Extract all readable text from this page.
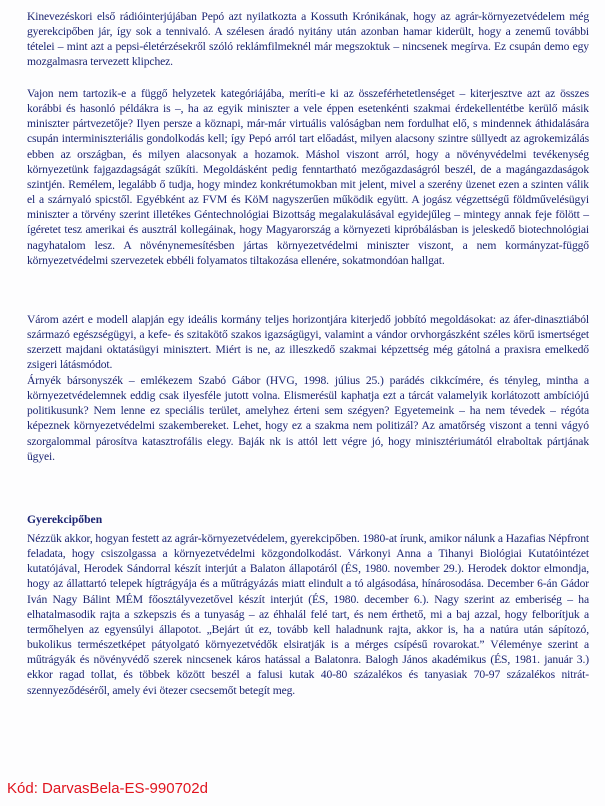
Kinevezéskori első rádióinterjújában Pepó azt nyilatkozta a Kossuth Krónikának, hogy az agrár-környezetvédelem még gyerekcipőben jár, így sok a tennivaló. A szélesen áradó nyitány után azonban hamar kiderült, hogy a zenemű további tételei – mint azt a pepsi-életérzésekről szóló reklámfilmeknél már megszoktuk – nincsenek megírva. Ez csupán demo egy mozgalmasra tervezett klipchez.

Vajon nem tartozik-e a függő helyzetek kategóriájába, meríti-e ki az összeférhetetlenséget – kiterjesztve azt az összes korábbi és hasonló példákra is –, ha az egyik miniszter a vele éppen esetenkénti szakmai érdekellentétbe kerülő másik miniszter pártvezetője? Ilyen persze a köznapi, már-már virtuális valóságban nem fordulhat elő, s mindennek áthidalására csupán interminiszteriális gondolkodás kell; így Pepó arról tart előadást, milyen alacsony szintre süllyedt az agrokemizálás ebben az országban, és milyen alacsonyak a hozamok. Máshol viszont arról, hogy a növényvédelmi tevékenység környezetünk fajgazdagságát szűkíti. Megoldásként pedig fenntartható mezőgazdaságról beszél, de a magángazdaságok szintjén. Remélem, legalább ő tudja, hogy mindez konkrétumokban mit jelent, mivel a szerény üzenet ezen a szinten válik el a szárnyaló spicstől. Egyébként az FVM és KöM nagyszerűen működik együtt. A jogász végzettségű földművelésügyi miniszter a törvény szerint illetékes Géntechnológiai Bizottság megalakulásával egyidejűleg – mintegy annak feje fölött – ígéretet tesz amerikai és ausztrál kollegáinak, hogy Magyarország a környezeti kipróbálásban is jeleskedő biotechnológiai nagyhatalom lesz. A növénynemesítésben jártas környezetvédelmi miniszter viszont, a nem kormányzat-függő környezetvédelmi szervezetek ebbéli folyamatos tiltakozása ellenére, sokatmondóan hallgat.

Várom azért e modell alapján egy ideális kormány teljes horizontjára kiterjedő jobbító megoldásokat: az áfer-dinasztiából származó egészségügyi, a kefe- és szitakötő szakos igazságügyi, valamint a vándor orvhorgászként széles körű ismertséget szerzett majdani oktatásügyi minisztert. Miért is ne, az illeszkedő szakmai képzettség még gátolná a praxisra emelkedő zsigeri látásmódot.

Árnyék bársonyszék – emlékezem Szabó Gábor (HVG, 1998. július 25.) parádés cikkcímére, és tényleg, mintha a környezetvédelemnek eddig csak ilyesféle jutott volna. Elismerésül kaphatja ezt a tárcát valamelyik korlátozott ambíciójú politikusunk? Nem lenne ez speciális terület, amelyhez érteni sem szégyen? Egyetemeink – ha nem tévedek – régóta képeznek környezetvédelmi szakembereket. Lehet, hogy ez a szakma nem politizál? Az amatőrség viszont a tenni vágyó szorgalommal párosítva katasztrofális elegy. Baják nk is attól lett végre jó, hogy minisztériumától elraboltak pártjának ügyei.

Gyerekcipőben

Nézzük akkor, hogyan festett az agrár-környezetvédelem, gyerekcipőben. 1980-at írunk, amikor nálunk a Hazafias Népfront feladata, hogy csiszolgassa a környezetvédelmi közgondolkodást. Várkonyi Anna a Tihanyi Biológiai Kutatóintézet kutatójával, Herodek Sándorral készít interjút a Balaton állapotáról (ÉS, 1980. november 29.). Herodek doktor elmondja, hogy az állattartó telepek hígtrágyája és a műtrágyázás miatt elindult a tó algásodása, hínárosodása. December 6-án Gádor Iván Nagy Bálint MÉM főosztályvezetővel készít interjút (ÉS, 1980. december 6.). Nagy szerint az emberiség – ha elhatalmasodik rajta a szkepszis és a tunyaság – az éhhalál felé tart, és nem érthető, mi a baj azzal, hogy felborítjuk a termőhelyen az egyensúlyi állapotot. „Bejárt út ez, tovább kell haladnunk rajta, akkor is, ha a natúra után sápítozó, bukolikus természetképet pátyolgató környezetvédők elsiratják is a mérges csípésű rovarokat.” Véleménye szerint a műtrágyák és növényvédő szerek nincsenek káros hatással a Balatonra. Balogh János akadémikus (ÉS, 1981. január 3.) ekkor ragad tollat, és többek között beszél a falusi kutak 40-80 százalékos és tanyasiak 70-97 százalékos nitrát-szennyeződéséről, amely évi ötezer csecsemőt betegít meg.

Kód: DarvasBela-ES-990702d
